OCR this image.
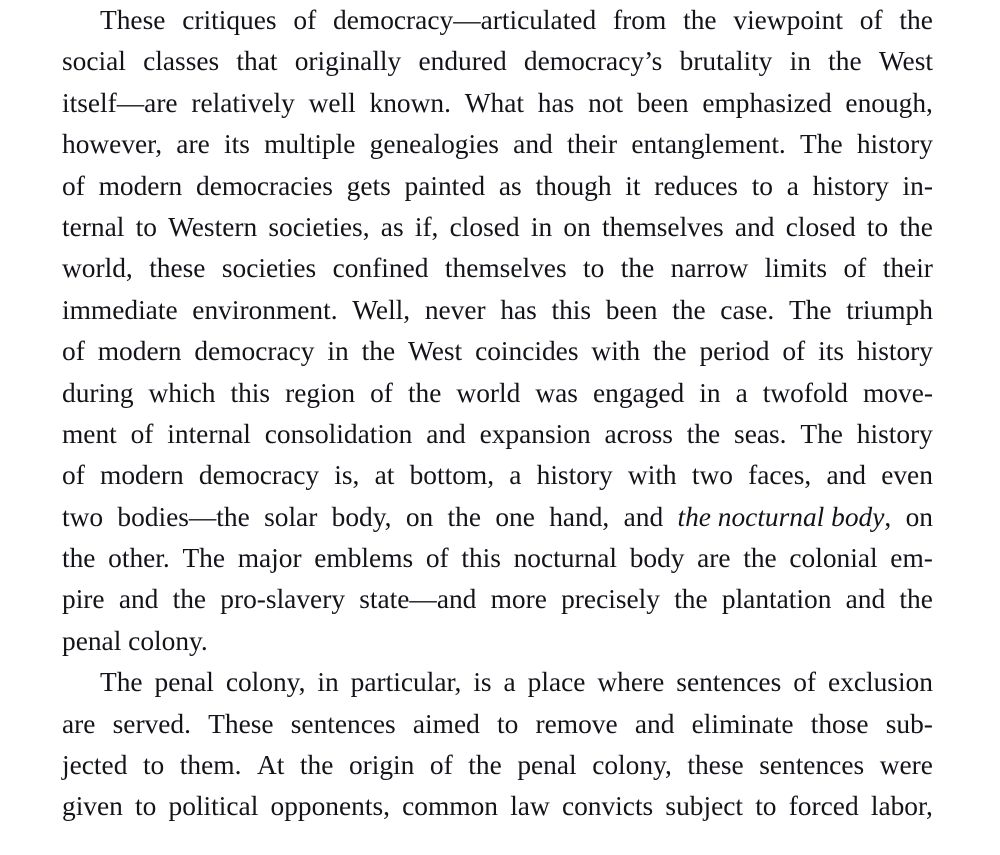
These critiques of democracy—articulated from the viewpoint of the
social classes that originally endured democracy’s brutality in the West
itself—are relatively well known. What has not been emphasized enough,
however, are its multiple genealogies and their entanglement. The history
of modern democracies gets painted as though it reduces to a history in-
ternal to Western societies, as if, closed in on themselves and closed to the
world, these societies confined themselves to the narrow limits of their
immediate environment. Well, never has this been the case. The triumph
of modern democracy in the West coincides with the period of its history
during which this region of the world was engaged in a twofold move-
ment of internal consolidation and expansion across the seas. The history
of modern democracy is, at bottom, a history with two faces, and even
two bodies—the solar body, on the one hand, and the nocturnal body, on
the other. The major emblems of this nocturnal body are the colonial em-
pire and the pro-slavery state—and more precisely the plantation and the
penal colony.
The penal colony, in particular, is a place where sentences of exclusion
are served. These sentences aimed to remove and eliminate those sub-
jected to them. At the origin of the penal colony, these sentences were
given to political opponents, common law convicts subject to forced labor,
